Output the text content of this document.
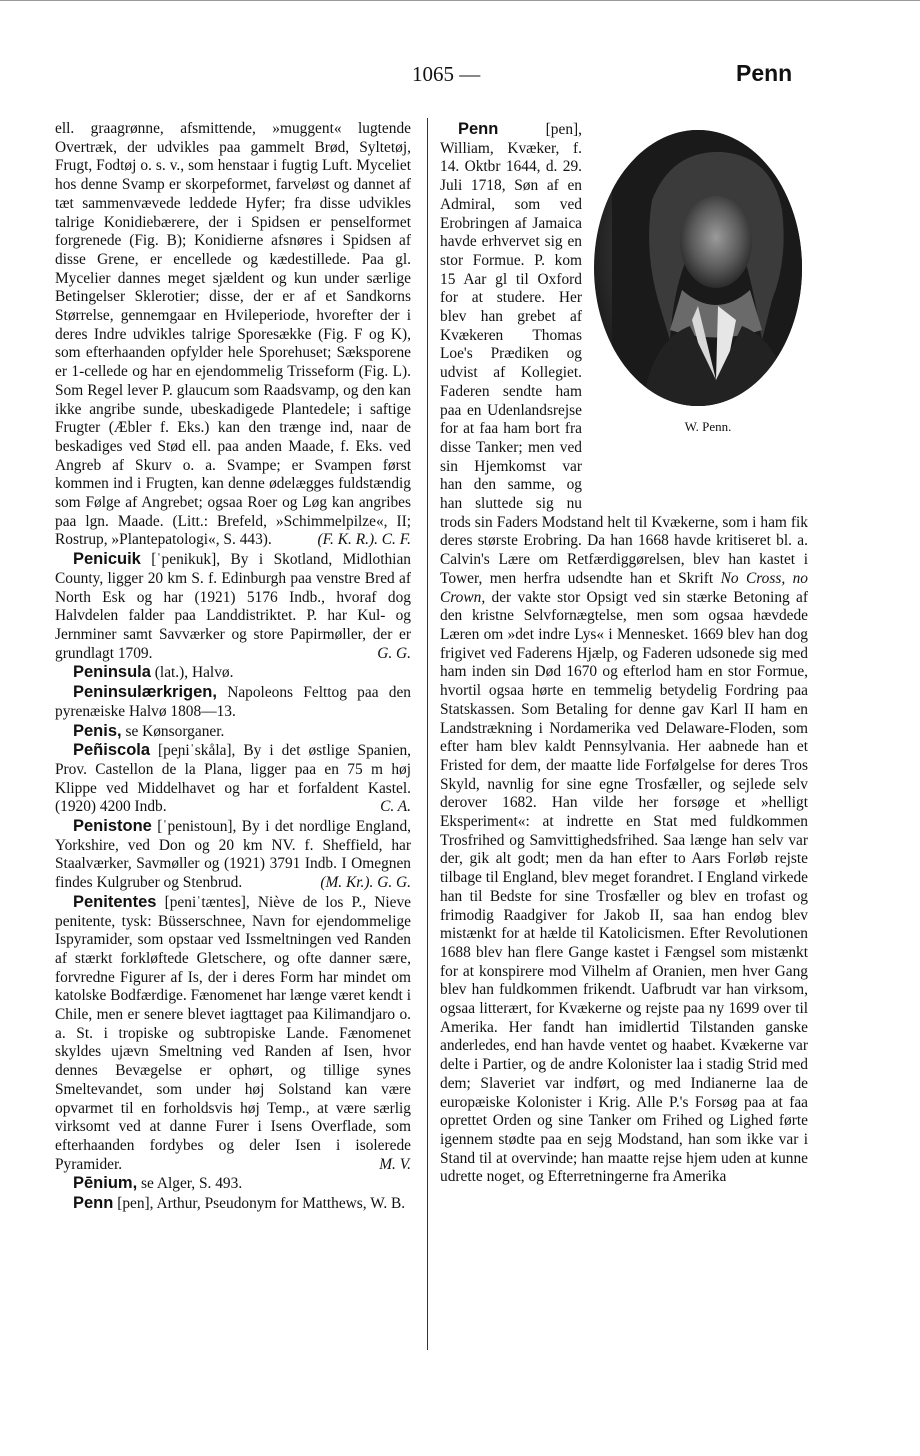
1065 —	Penn

ell. graagrønne, afsmittende, »muggent« lugtende Overtræk, der udvikles paa gammelt Brød, Syltetøj, Frugt, Fodtøj o. s. v., som henstaar i fugtig Luft. Myceliet hos denne Svamp er skorpeformet, farveløst og dannet af tæt sammenvævede leddede Hyfer; fra disse udvikles talrige Konidiebærere, der i Spidsen er penselformet forgrenede (Fig. B); Konidierne afsnøres i Spidsen af disse Grene, er encellede og kædestillede. Paa gl. Mycelier dannes meget sjældent og kun under særlige Betingelser Sklerotier; disse, der er af et Sandkorns Størrelse, gennemgaar en Hvileperiode, hvorefter der i deres Indre udvikles talrige Sporesække (Fig. F og K), som efterhaanden opfylder hele Sporehuset; Sæksporene er 1-cellede og har en ejendommelig Trisseform (Fig. L). Som Regel lever P. glaucum som Raadsvamp, og den kan ikke angribe sunde, ubeskadigede Plantedele; i saftige Frugter (Æbler f. Eks.) kan den trænge ind, naar de beskadiges ved Stød ell. paa anden Maade, f. Eks. ved Angreb af Skurv o. a. Svampe; er Svampen først kommen ind i Frugten, kan denne ødelægges fuldstændig som Følge af Angrebet; ogsaa Roer og Løg kan angribes paa lgn. Maade. (Litt.: Brefeld, »Schimmelpilze«, II; Rostrup, »Plantepatologi«, S. 443).	(F. K. R.). C. F.

Penicuik [ˈpenikuk], By i Skotland, Midlothian County, ligger 20 km S. f. Edinburgh paa venstre Bred af North Esk og har (1921) 5176 Indb., hvoraf dog Halvdelen falder paa Landdistriktet. P. har Kul- og Jernminer samt Savværker og store Papirmøller, der er grundlagt 1709.	G. G.

Peninsula (lat.), Halvø.

Peninsulærkrigen, Napoleons Felttog paa den pyrenæiske Halvø 1808—13.

Penis, se Kønsorganer.

Peñiscola [peɲiˈskåla], By i det østlige Spanien, Prov. Castellon de la Plana, ligger paa en 75 m høj Klippe ved Middelhavet og har et forfaldent Kastel. (1920) 4200 Indb.	C. A.

Penistone [ˈpenistoun], By i det nordlige England, Yorkshire, ved Don og 20 km NV. f. Sheffield, har Staalværker, Savmøller og (1921) 3791 Indb. I Omegnen findes Kulgruber og Stenbrud.	(M. Kr.). G. G.

Penitentes [peniˈtæntes], Niève de los P., Nieve penitente, tysk: Büsserschnee, Navn for ejendommelige Ispyramider, som opstaar ved Issmeltningen ved Randen af stærkt forkløftede Gletschere, og ofte danner sære, forvredne Figurer af Is, der i deres Form har mindet om katolske Bodfærdige. Fænomenet har længe været kendt i Chile, men er senere blevet iagttaget paa Kilimandjaro o. a. St. i tropiske og subtropiske Lande. Fænomenet skyldes ujævn Smeltning ved Randen af Isen, hvor dennes Bevægelse er ophørt, og tillige synes Smeltevandet, som under høj Solstand kan være opvarmet til en forholdsvis høj Temp., at være særlig virksomt ved at danne Furer i Isens Overflade, som efterhaanden fordybes og deler Isen i isolerede Pyramider.	M. V.

Pēnium, se Alger, S. 493.

Penn [pen], Arthur, Pseudonym for Matthews, W. B.

W. Penn.
Penn [pen], William, Kvæker, f. 14. Oktbr 1644, d. 29. Juli 1718, Søn af en Admiral, som ved Erobringen af Jamaica havde erhvervet sig en stor Formue. P. kom 15 Aar gl til Oxford for at studere. Her blev han grebet af Kvækeren Thomas Loe's Prædiken og udvist af Kollegiet. Faderen sendte ham paa en Udenlandsrejse for at faa ham bort fra disse Tanker; men ved sin Hjemkomst var han den samme, og han sluttede sig nu trods sin Faders Modstand helt til Kvækerne, som i ham fik deres største Erobring. Da han 1668 havde kritiseret bl. a. Calvin's Lære om Retfærdiggørelsen, blev han kastet i Tower, men herfra udsendte han et Skrift No Cross, no Crown, der vakte stor Opsigt ved sin stærke Betoning af den kristne Selvfornægtelse, men som ogsaa hævdede Læren om »det indre Lys« i Mennesket. 1669 blev han dog frigivet ved Faderens Hjælp, og Faderen udsonede sig med ham inden sin Død 1670 og efterlod ham en stor Formue, hvortil ogsaa hørte en temmelig betydelig Fordring paa Statskassen. Som Betaling for denne gav Karl II ham en Landstrækning i Nordamerika ved Delaware-Floden, som efter ham blev kaldt Pennsylvania. Her aabnede han et Fristed for dem, der maatte lide Forfølgelse for deres Tros Skyld, navnlig for sine egne Trosfæller, og sejlede selv derover 1682. Han vilde her forsøge et »helligt Eksperiment«: at indrette en Stat med fuldkommen Trosfrihed og Samvittighedsfrihed. Saa længe han selv var der, gik alt godt; men da han efter to Aars Forløb rejste tilbage til England, blev meget forandret. I England virkede han til Bedste for sine Trosfæller og blev en trofast og frimodig Raadgiver for Jakob II, saa han endog blev mistænkt for at hælde til Katolicismen. Efter Revolutionen 1688 blev han flere Gange kastet i Fængsel som mistænkt for at konspirere mod Vilhelm af Oranien, men hver Gang blev han fuldkommen frikendt. Uafbrudt var han virksom, ogsaa litterært, for Kvækerne og rejste paa ny 1699 over til Amerika. Her fandt han imidlertid Tilstanden ganske anderledes, end han havde ventet og haabet. Kvækerne var delte i Partier, og de andre Kolonister laa i stadig Strid med dem; Slaveriet var indført, og med Indianerne laa de europæiske Kolonister i Krig. Alle P.'s Forsøg paa at faa oprettet Orden og sine Tanker om Frihed og Lighed førte igennem stødte paa en sejg Modstand, han som ikke var i Stand til at overvinde; han maatte rejse hjem uden at kunne udrette noget, og Efterretningerne fra Amerika
